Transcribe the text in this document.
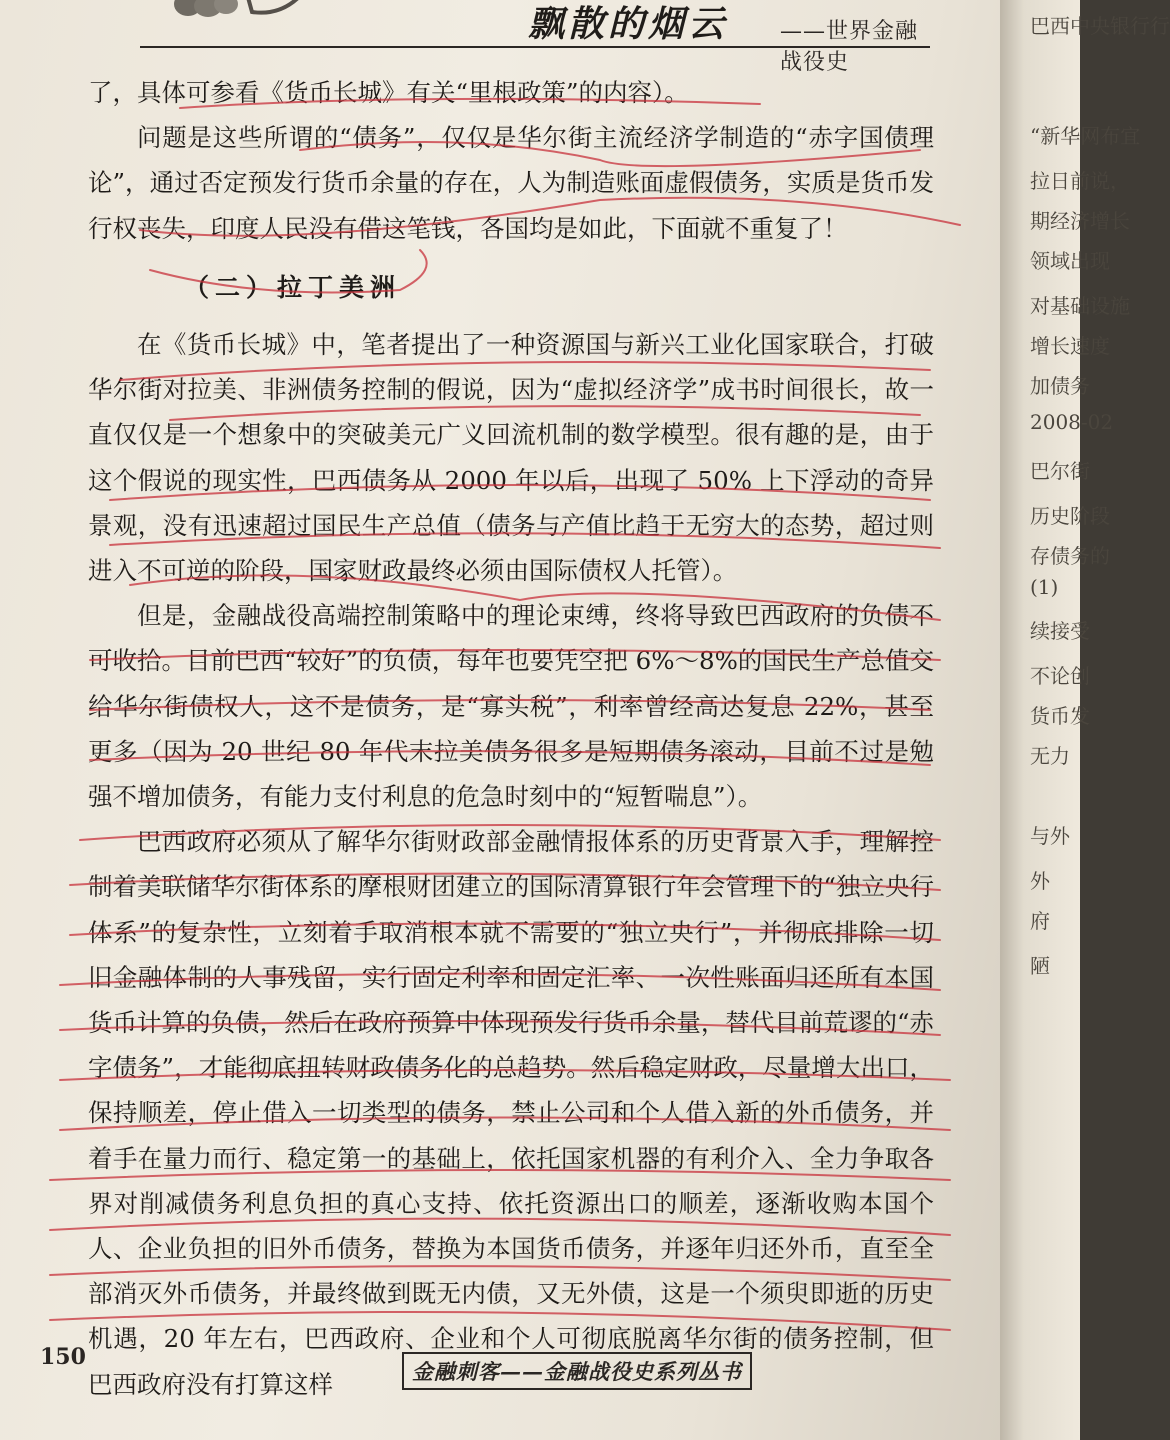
飘散的烟云 ——世界金融战役史

了，具体可参看《货币长城》有关“里根政策”的内容）。

问题是这些所谓的“债务”，仅仅是华尔街主流经济学制造的“赤字国债理论”，通过否定预发行货币余量的存在，人为制造账面虚假债务，实质是货币发行权丧失，印度人民没有借这笔钱，各国均是如此，下面就不重复了！

（二）拉丁美洲

在《货币长城》中，笔者提出了一种资源国与新兴工业化国家联合，打破华尔街对拉美、非洲债务控制的假说，因为“虚拟经济学”成书时间很长，故一直仅仅是一个想象中的突破美元广义回流机制的数学模型。很有趣的是，由于这个假说的现实性，巴西债务从 2000 年以后，出现了 50% 上下浮动的奇异景观，没有迅速超过国民生产总值（债务与产值比趋于无穷大的态势，超过则进入不可逆的阶段，国家财政最终必须由国际债权人托管）。

但是，金融战役高端控制策略中的理论束缚，终将导致巴西政府的负债不可收拾。目前巴西“较好”的负债，每年也要凭空把 6%～8%的国民生产总值交给华尔街债权人，这不是债务，是“寡头税”，利率曾经高达复息 22%，甚至更多（因为 20 世纪 80 年代末拉美债务很多是短期债务滚动，目前不过是勉强不增加债务，有能力支付利息的危急时刻中的“短暂喘息”）。

巴西政府必须从了解华尔街财政部金融情报体系的历史背景入手，理解控制着美联储华尔街体系的摩根财团建立的国际清算银行年会管理下的“独立央行体系”的复杂性，立刻着手取消根本就不需要的“独立央行”，并彻底排除一切旧金融体制的人事残留，实行固定利率和固定汇率、一次性账面归还所有本国货币计算的负债，然后在政府预算中体现预发行货币余量，替代目前荒谬的“赤字债务”，才能彻底扭转财政债务化的总趋势。然后稳定财政，尽量增大出口，保持顺差，停止借入一切类型的债务，禁止公司和个人借入新的外币债务，并着手在量力而行、稳定第一的基础上，依托国家机器的有利介入、全力争取各界对削减债务利息负担的真心支持、依托资源出口的顺差，逐渐收购本国个人、企业负担的旧外币债务，替换为本国货币债务，并逐年归还外币，直至全部消灭外币债务，并最终做到既无内债，又无外债，这是一个须臾即逝的历史机遇，20 年左右，巴西政府、企业和个人可彻底脱离华尔街的债务控制，但巴西政府没有打算这样

150
金融刺客——金融战役史系列丛书
巴西中央银行行
“新华网布宜
拉日前说，
期经济增长
领域出现
对基础设施
增长速度
加债务
2008-02
巴尔街
历史阶段
存债务的
(1)
续接受
不论创
货币发
无力
与外
外
府
陋
